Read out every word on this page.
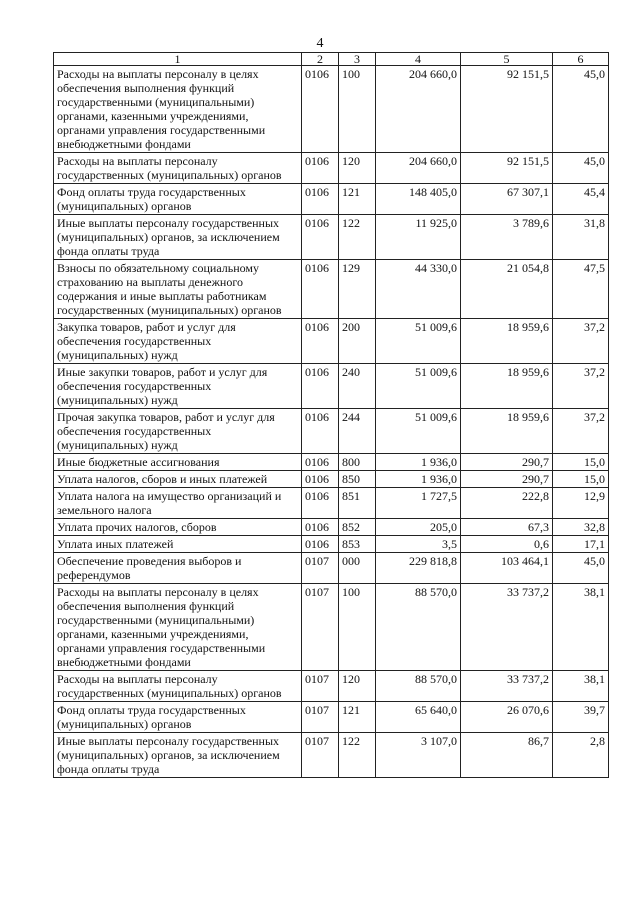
4
1	2	3	4	5	6
Расходы на выплаты персоналу в целях обеспечения выполнения функций государственными (муниципальными) органами, казенными учреждениями, органами управления государственными внебюджетными фондами	0106	100	204 660,0	92 151,5	45,0
Расходы на выплаты персоналу государственных (муниципальных) органов	0106	120	204 660,0	92 151,5	45,0
Фонд оплаты труда государственных (муниципальных) органов	0106	121	148 405,0	67 307,1	45,4
Иные выплаты персоналу государственных (муниципальных) органов, за исключением фонда оплаты труда	0106	122	11 925,0	3 789,6	31,8
Взносы по обязательному социальному страхованию на выплаты денежного содержания и иные выплаты работникам государственных (муниципальных) органов	0106	129	44 330,0	21 054,8	47,5
Закупка товаров, работ и услуг для обеспечения государственных (муниципальных) нужд	0106	200	51 009,6	18 959,6	37,2
Иные закупки товаров, работ и услуг для обеспечения государственных (муниципальных) нужд	0106	240	51 009,6	18 959,6	37,2
Прочая закупка товаров, работ и услуг для обеспечения государственных (муниципальных) нужд	0106	244	51 009,6	18 959,6	37,2
Иные бюджетные ассигнования	0106	800	1 936,0	290,7	15,0
Уплата налогов, сборов и иных платежей	0106	850	1 936,0	290,7	15,0
Уплата налога на имущество организаций и земельного налога	0106	851	1 727,5	222,8	12,9
Уплата прочих налогов, сборов	0106	852	205,0	67,3	32,8
Уплата иных платежей	0106	853	3,5	0,6	17,1
Обеспечение проведения выборов и референдумов	0107	000	229 818,8	103 464,1	45,0
Расходы на выплаты персоналу в целях обеспечения выполнения функций государственными (муниципальными) органами, казенными учреждениями, органами управления государственными внебюджетными фондами	0107	100	88 570,0	33 737,2	38,1
Расходы на выплаты персоналу государственных (муниципальных) органов	0107	120	88 570,0	33 737,2	38,1
Фонд оплаты труда государственных (муниципальных) органов	0107	121	65 640,0	26 070,6	39,7
Иные выплаты персоналу государственных (муниципальных) органов, за исключением фонда оплаты труда	0107	122	3 107,0	86,7	2,8
